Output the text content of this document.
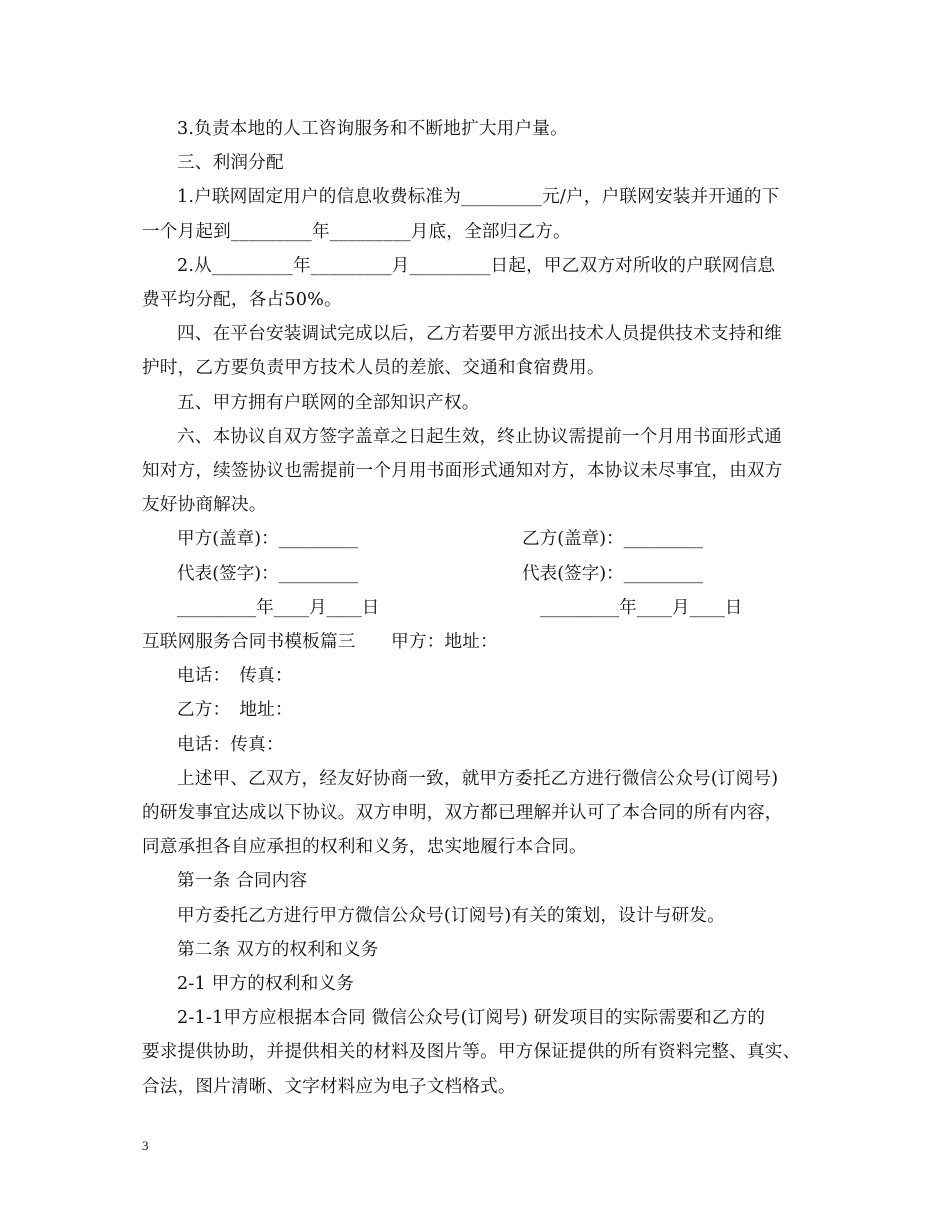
3.负责本地的人工咨询服务和不断地扩大用户量。

三、利润分配

1.户联网固定用户的信息收费标准为_________元/户，户联网安装并开通的下

一个月起到_________年_________月底，全部归乙方。

2.从_________年_________月_________日起，甲乙双方对所收的户联网信息

费平均分配，各占50%。

四、在平台安装调试完成以后，乙方若要甲方派出技术人员提供技术支持和维

护时，乙方要负责甲方技术人员的差旅、交通和食宿费用。

五、甲方拥有户联网的全部知识产权。

六、本协议自双方签字盖章之日起生效，终止协议需提前一个月用书面形式通

知对方，续签协议也需提前一个月用书面形式通知对方，本协议未尽事宜，由双方

友好协商解决。

甲方(盖章)：_________	乙方(盖章)：_________
代表(签字)：_________	代表(签字)：_________
_________年____月____日	_________年____月____日

互联网服务合同书模板篇三　　甲方：地址：

电话：　传真：

乙方：　地址：

电话：传真：

上述甲、乙双方，经友好协商一致，就甲方委托乙方进行微信公众号(订阅号)

的研发事宜达成以下协议。双方申明，双方都已理解并认可了本合同的所有内容，

同意承担各自应承担的权利和义务，忠实地履行本合同。

第一条 合同内容

甲方委托乙方进行甲方微信公众号(订阅号)有关的策划，设计与研发。

第二条 双方的权利和义务

2-1 甲方的权利和义务

2-1-1甲方应根据本合同 微信公众号(订阅号) 研发项目的实际需要和乙方的

要求提供协助，并提供相关的材料及图片等。甲方保证提供的所有资料完整、真实、

合法，图片清晰、文字材料应为电子文档格式。

3
